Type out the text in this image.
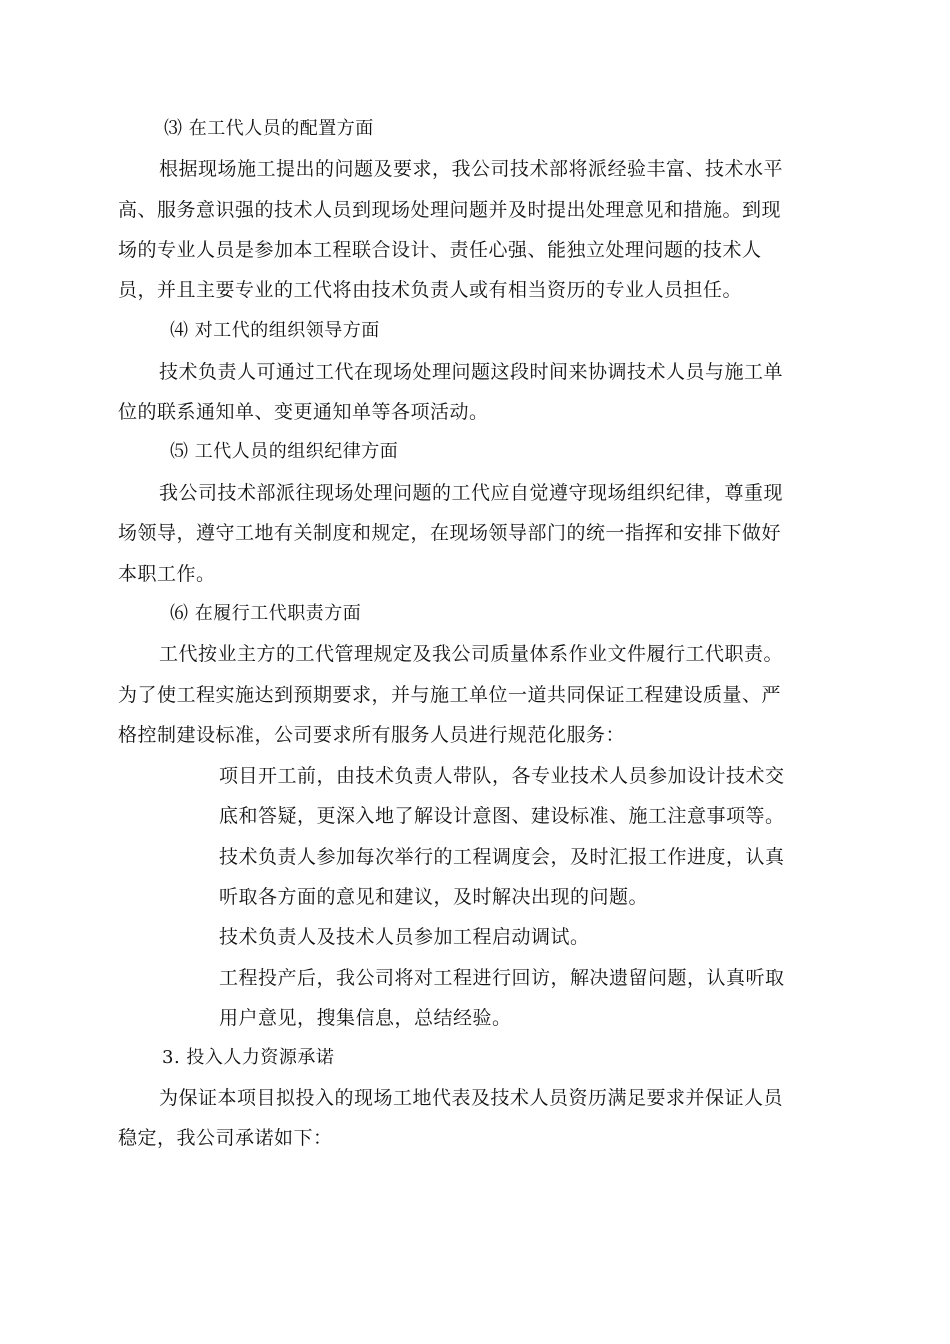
⑶ 在工代人员的配置方面
根据现场施工提出的问题及要求，我公司技术部将派经验丰富、技术水平
高、服务意识强的技术人员到现场处理问题并及时提出处理意见和措施。到现
场的专业人员是参加本工程联合设计、责任心强、能独立处理问题的技术人
员，并且主要专业的工代将由技术负责人或有相当资历的专业人员担任。
⑷ 对工代的组织领导方面
技术负责人可通过工代在现场处理问题这段时间来协调技术人员与施工单
位的联系通知单、变更通知单等各项活动。
⑸ 工代人员的组织纪律方面
我公司技术部派往现场处理问题的工代应自觉遵守现场组织纪律，尊重现
场领导，遵守工地有关制度和规定，在现场领导部门的统一指挥和安排下做好
本职工作。
⑹ 在履行工代职责方面
工代按业主方的工代管理规定及我公司质量体系作业文件履行工代职责。
为了使工程实施达到预期要求，并与施工单位一道共同保证工程建设质量、严
格控制建设标准，公司要求所有服务人员进行规范化服务：
项目开工前，由技术负责人带队，各专业技术人员参加设计技术交
底和答疑，更深入地了解设计意图、建设标准、施工注意事项等。
技术负责人参加每次举行的工程调度会，及时汇报工作进度，认真
听取各方面的意见和建议，及时解决出现的问题。
技术负责人及技术人员参加工程启动调试。
工程投产后，我公司将对工程进行回访，解决遗留问题，认真听取
用户意见，搜集信息，总结经验。
3. 投入人力资源承诺
为保证本项目拟投入的现场工地代表及技术人员资历满足要求并保证人员
稳定，我公司承诺如下：
